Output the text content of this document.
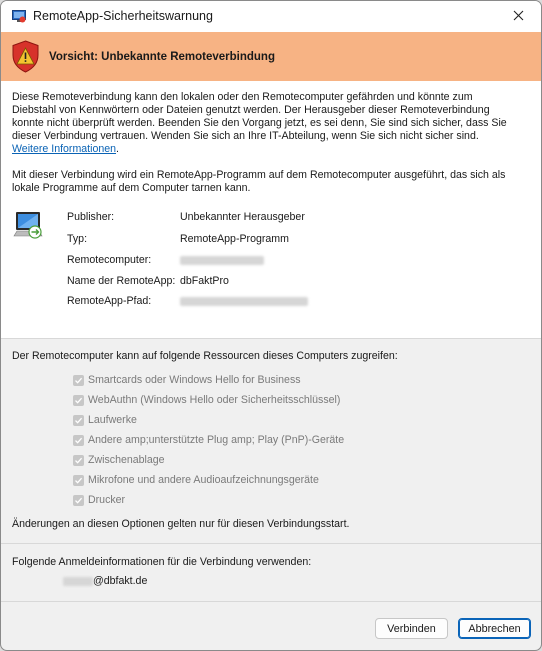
RemoteApp-Sicherheitswarnung
Vorsicht: Unbekannte Remoteverbindung
Diese Remoteverbindung kann den lokalen oder den Remotecomputer gefährden und könnte zum
Diebstahl von Kennwörtern oder Dateien genutzt werden. Der Herausgeber dieser Remoteverbindung
konnte nicht überprüft werden. Beenden Sie den Vorgang jetzt, es sei denn, Sie sind sich sicher, dass Sie
dieser Verbindung vertrauen. Wenden Sie sich an Ihre IT-Abteilung, wenn Sie sich nicht sicher sind.
Weitere Informationen.
Mit dieser Verbindung wird ein RemoteApp-Programm auf dem Remotecomputer ausgeführt, das sich als
lokale Programme auf dem Computer tarnen kann.
Publisher:	Unbekannter Herausgeber
Typ:	RemoteApp-Programm
Remotecomputer:
Name der RemoteApp: dbFaktPro
RemoteApp-Pfad:
Der Remotecomputer kann auf folgende Ressourcen dieses Computers zugreifen:
Smartcards oder Windows Hello for Business
WebAuthn (Windows Hello oder Sicherheitsschlüssel)
Laufwerke
Andere amp;unterstützte Plug amp; Play (PnP)-Geräte
Zwischenablage
Mikrofone und andere Audioaufzeichnungsgeräte
Drucker
Änderungen an diesen Optionen gelten nur für diesen Verbindungsstart.
Folgende Anmeldeinformationen für die Verbindung verwenden:
@dbfakt.de
Verbinden	Abbrechen
